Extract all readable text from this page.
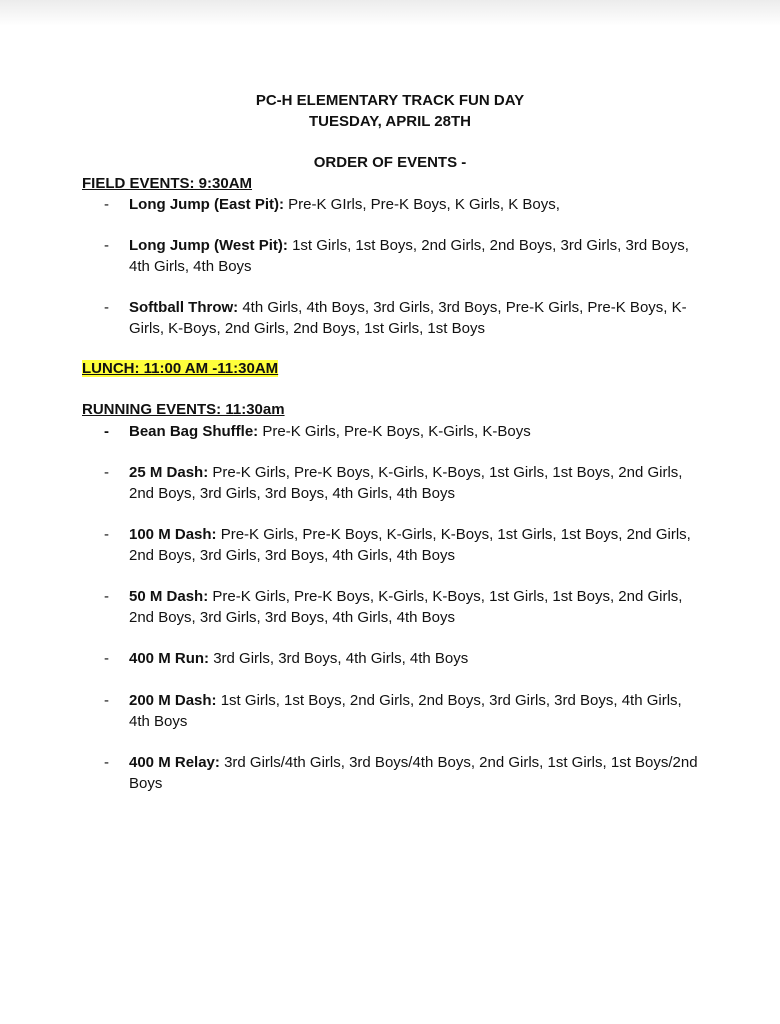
PC-H ELEMENTARY TRACK FUN DAY
TUESDAY, APRIL 28TH
ORDER OF EVENTS -
FIELD EVENTS: 9:30AM
-	Long Jump (East Pit): Pre-K GIrls, Pre-K Boys, K Girls, K Boys,
-	Long Jump (West Pit): 1st Girls, 1st Boys, 2nd Girls, 2nd Boys, 3rd Girls, 3rd Boys, 4th Girls, 4th Boys
-	Softball Throw: 4th Girls, 4th Boys, 3rd Girls, 3rd Boys, Pre-K Girls, Pre-K Boys, K-Girls, K-Boys, 2nd Girls, 2nd Boys, 1st Girls, 1st Boys
LUNCH: 11:00 AM -11:30AM
RUNNING EVENTS: 11:30am
-	Bean Bag Shuffle: Pre-K Girls, Pre-K Boys, K-Girls, K-Boys
-	25 M Dash: Pre-K Girls, Pre-K Boys, K-Girls, K-Boys, 1st Girls, 1st Boys, 2nd Girls, 2nd Boys, 3rd Girls, 3rd Boys, 4th Girls, 4th Boys
-	100 M Dash: Pre-K Girls, Pre-K Boys, K-Girls, K-Boys, 1st Girls, 1st Boys, 2nd Girls, 2nd Boys, 3rd Girls, 3rd Boys, 4th Girls, 4th Boys
-	50 M Dash: Pre-K Girls, Pre-K Boys, K-Girls, K-Boys, 1st Girls, 1st Boys, 2nd Girls, 2nd Boys, 3rd Girls, 3rd Boys, 4th Girls, 4th Boys
-	400 M Run: 3rd Girls, 3rd Boys, 4th Girls, 4th Boys
-	200 M Dash: 1st Girls, 1st Boys, 2nd Girls, 2nd Boys, 3rd Girls, 3rd Boys, 4th Girls, 4th Boys
-	400 M Relay: 3rd Girls/4th Girls, 3rd Boys/4th Boys, 2nd Girls, 1st Girls, 1st Boys/2nd Boys
